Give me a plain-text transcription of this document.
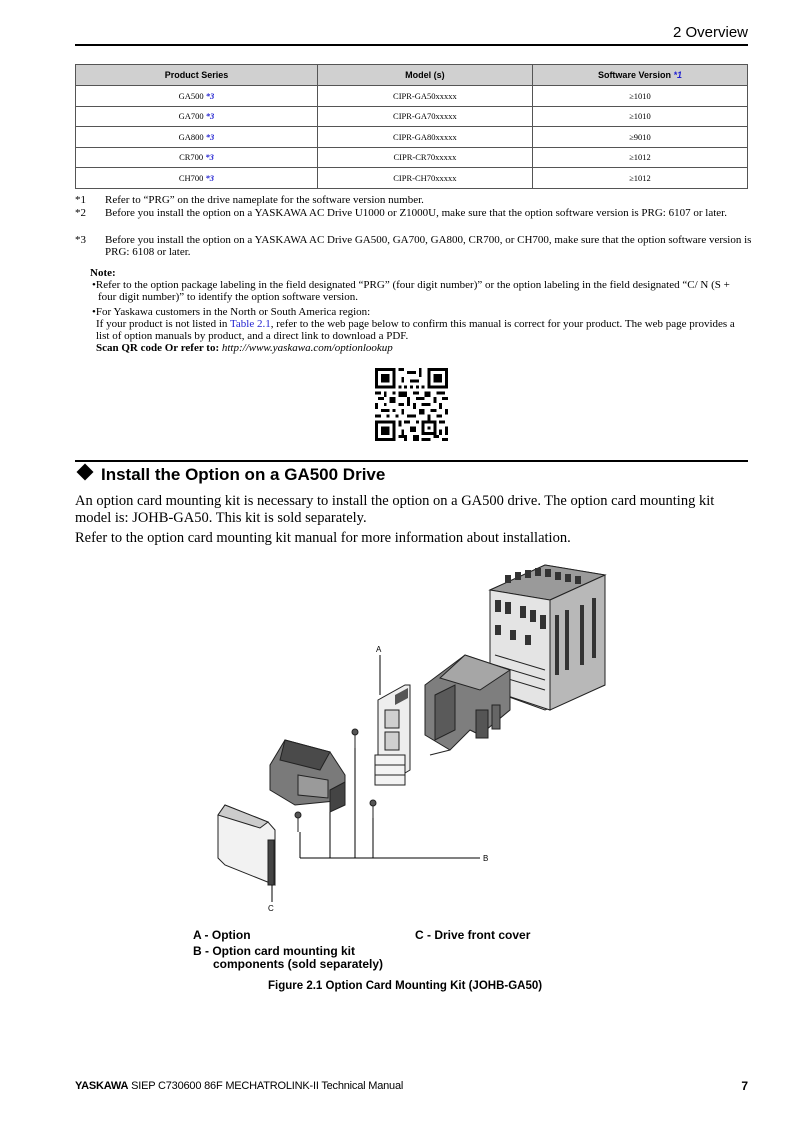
2 Overview
Product Series	Model (s)	Software Version *1
GA500 *3	CIPR-GA50xxxxx	≥1010
GA700 *3	CIPR-GA70xxxxx	≥1010
GA800 *3	CIPR-GA80xxxxx	≥9010
CR700 *3	CIPR-CR70xxxxx	≥1012
CH700 *3	CIPR-CH70xxxxx	≥1012
*1 Refer to “PRG” on the drive nameplate for the software version number.
*2 Before you install the option on a YASKAWA AC Drive U1000 or Z1000U, make sure that the option software version is PRG: 6107 or later.
*3 Before you install the option on a YASKAWA AC Drive GA500, GA700, GA800, CR700, or CH700, make sure that the option software version is PRG: 6108 or later.

Note:

•Refer to the option package labeling in the field designated “PRG” (four digit number)” or the option labeling in the field designated “C/ N (S + four digit number)” to identify the option software version.

•For Yaskawa customers in the North or South America region:

If your product is not listed in Table 2.1, refer to the web page below to confirm this manual is correct for your product. The web page provides a list of option manuals by product, and a direct link to download a PDF.

Scan QR code Or refer to: http://www.yaskawa.com/optionlookup

Install the Option on a GA500 Drive
An option card mounting kit is necessary to install the option on a GA500 drive. The option card mounting kit model is: JOHB-GA50. This kit is sold separately.
Refer to the option card mounting kit manual for more information about installation.
A
B
C
A - Option	C - Drive front cover
B - Option card mounting kit
components (sold separately)
Figure 2.1 Option Card Mounting Kit (JOHB-GA50)
YASKAWA SIEP C730600 86F MECHATROLINK-II Technical Manual	7
